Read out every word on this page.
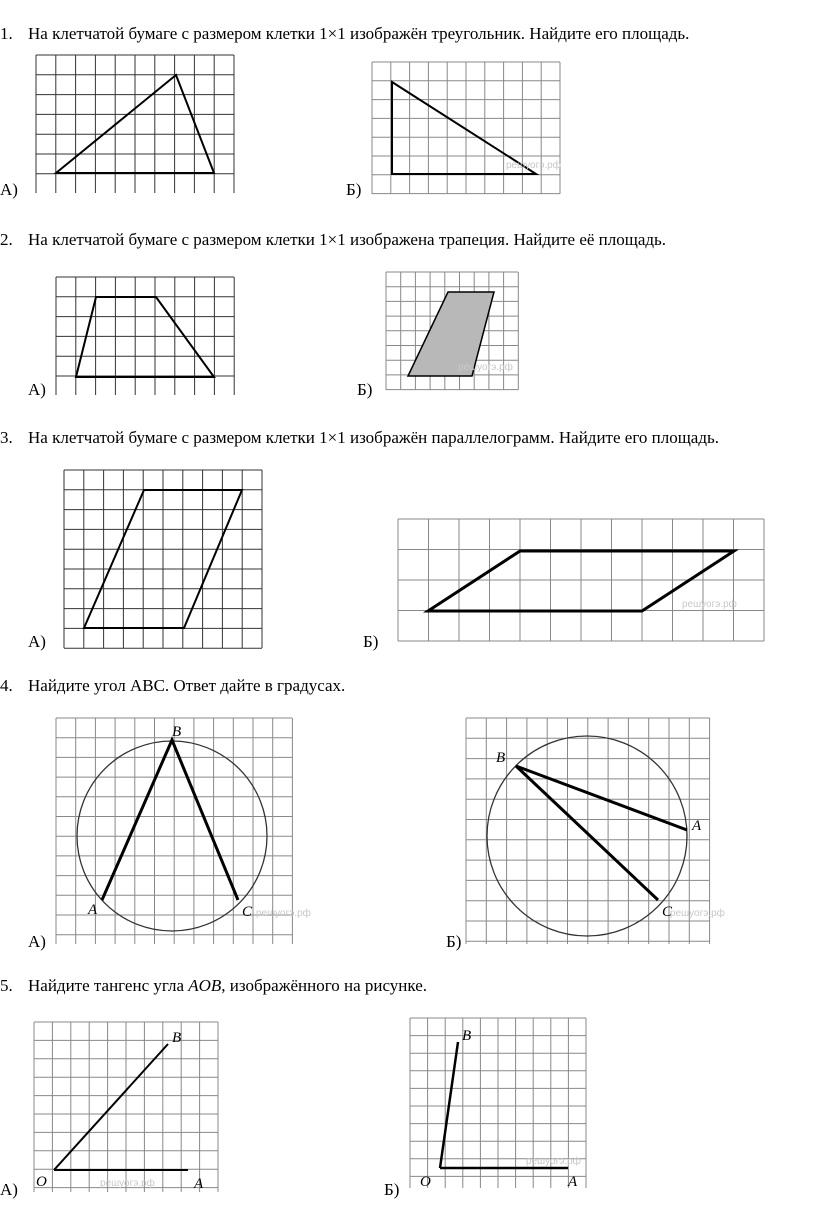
1. На клетчатой бумаге с размером клетки 1×1 изображён треугольник. Найдите его площадь.
А)	Б)
решуогэ.рф
2. На клетчатой бумаге с размером клетки 1×1 изображена трапеция. Найдите её площадь.
А)	Б)
решуогэ.рф
3. На клетчатой бумаге с размером клетки 1×1 изображён параллелограмм. Найдите его площадь.
А)	Б)
решуогэ.рф
4. Найдите угол АВС. Ответ дайте в градусах.
А)
B
A	C решуогэ.рф
Б)
B
A
C
решуогэ.рф
5. Найдите тангенс угла AOB, изображённого на рисунке.
А)
B
O	A
решуогэ.рф	Б)
B
O	A
решуогэ.рф
